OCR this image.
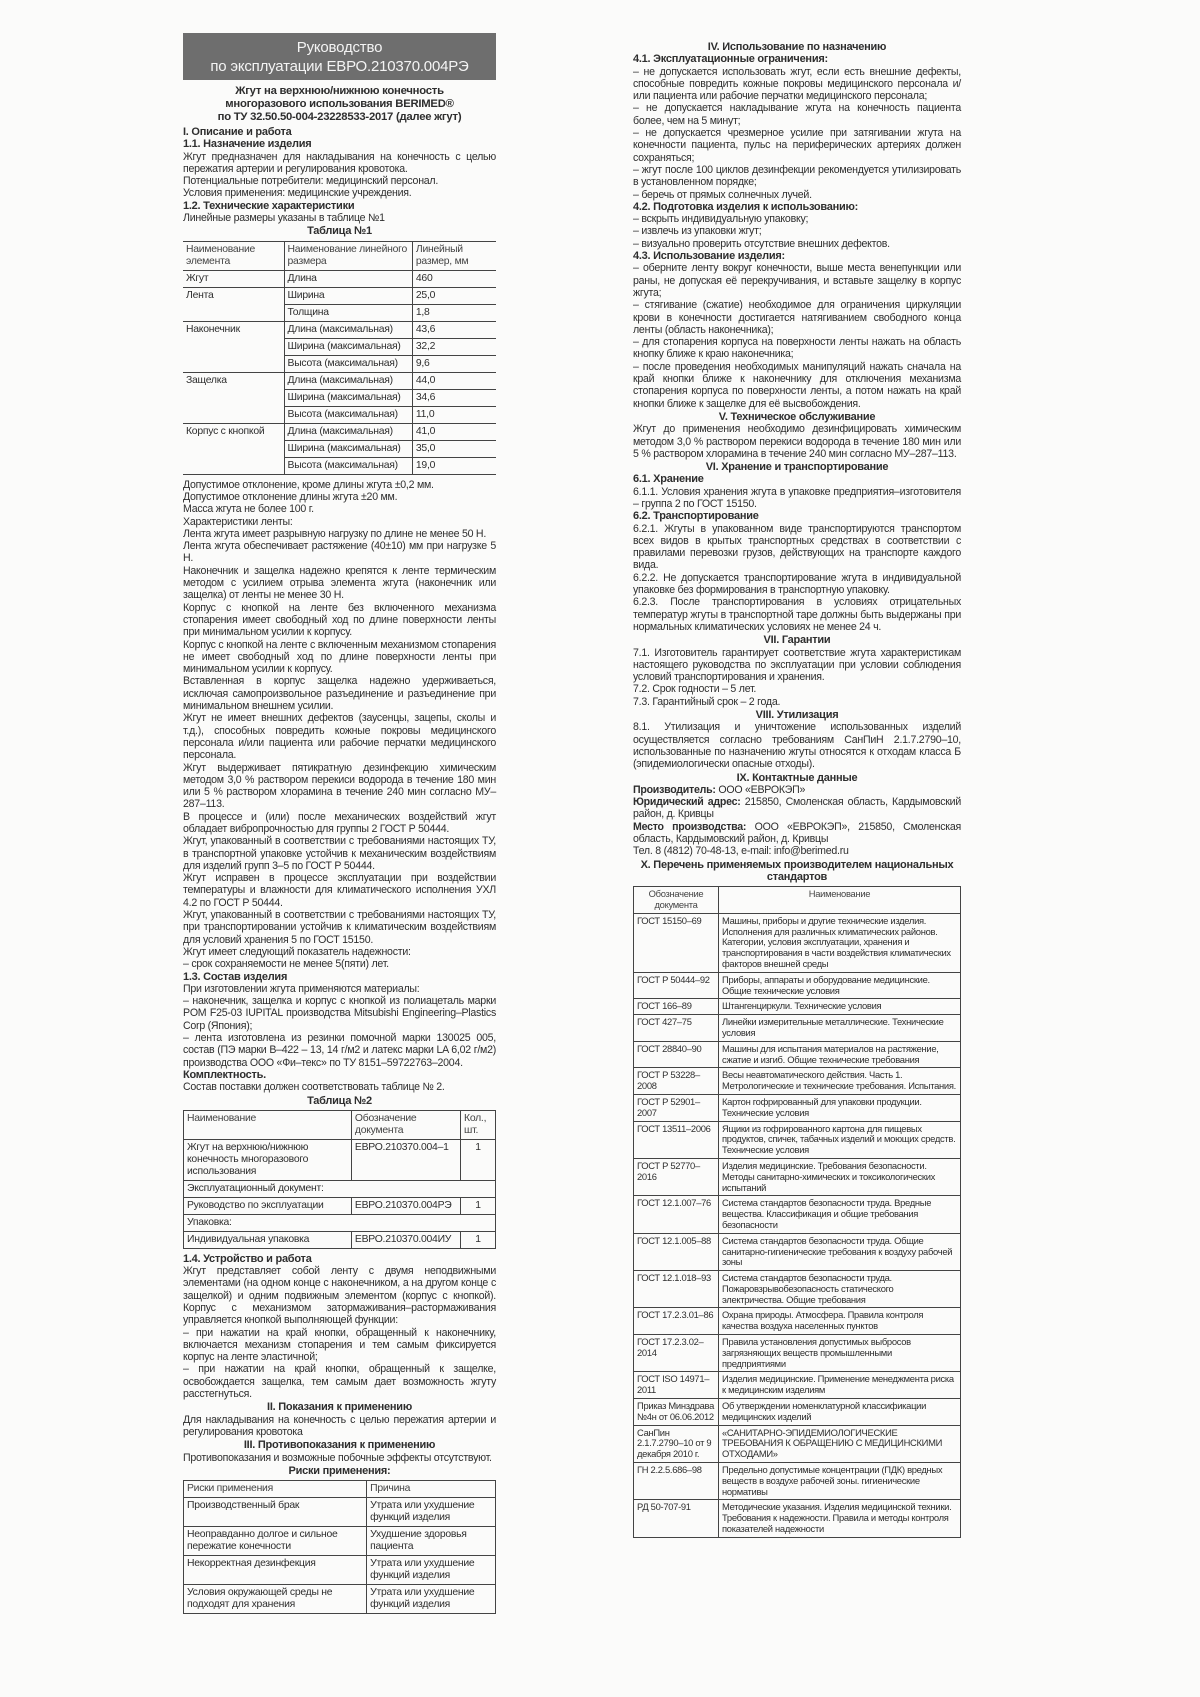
Руководство
по эксплуатации ЕВРО.210370.004РЭ
Жгут на верхнюю/нижнюю конечность
многоразового использования BERIMED®
по ТУ 32.50.50-004-23228533-2017 (далее жгут)
I. Описание и работа
1.1. Назначение изделия
Жгут предназначен для накладывания на конечность с целью пережатия артерии и регулирования кровотока.
Потенциальные потребители: медицинский персонал.
Условия применения: медицинские учреждения.
1.2. Технические характеристики
Линейные размеры указаны в таблице №1
Таблица №1
Наименование элемента	Наименование линейного размера	Линейный размер, мм
Жгут	Длина	460
Лента	Ширина	25,0
	Толщина	1,8
Наконечник	Длина (максимальная)	43,6
	Ширина (максимальная)	32,2
	Высота (максимальная)	9,6
Защелка	Длина (максимальная)	44,0
	Ширина (максимальная)	34,6
	Высота (максимальная)	11,0
Корпус с кнопкой	Длина (максимальная)	41,0
	Ширина (максимальная)	35,0
	Высота (максимальная)	19,0
Допустимое отклонение, кроме длины жгута ±0,2 мм.
Допустимое отклонение длины жгута ±20 мм.
Масса жгута не более 100 г.
Характеристики ленты:
Лента жгута имеет разрывную нагрузку по длине не менее 50 Н.
Лента жгута обеспечивает растяжение (40±10) мм при нагрузке 5 Н.
Наконечник и защелка надежно крепятся к ленте термическим методом с усилием отрыва элемента жгута (наконечник или защелка) от ленты не менее 30 Н.
Корпус с кнопкой на ленте без включенного механизма стопарения имеет свободный ход по длине поверхности ленты при минимальном усилии к корпусу.
Корпус с кнопкой на ленте с включенным механизмом стопарения не имеет свободный ход по длине поверхности ленты при минимальном усилии к корпусу.
Вставленная в корпус защелка надежно удерживаеться, исключая самопроизвольное разъединение и разъединение при минимальном внешнем усилии.
Жгут не имеет внешних дефектов (заусенцы, зацепы, сколы и т.д.), способных повредить кожные покровы медицинского персонала и/или пациента или рабочие перчатки медицинского персонала.
Жгут выдерживает пятикратную дезинфекцию химическим методом 3,0 % раствором перекиси водорода в течение 180 мин или 5 % раствором хлорамина в течение 240 мин согласно МУ–287–113.
В процессе и (или) после механических воздействий жгут обладает вибропрочностью для группы 2 ГОСТ Р 50444.
Жгут, упакованный в соответствии с требованиями настоящих ТУ, в транспортной упаковке устойчив к механическим воздействиям для изделий групп 3–5 по ГОСТ Р 50444.
Жгут исправен в процессе эксплуатации при воздействии температуры и влажности для климатического исполнения УХЛ 4.2 по ГОСТ Р 50444.
Жгут, упакованный в соответствии с требованиями настоящих ТУ, при транспортировании устойчив к климатическим воздействиям для условий хранения 5 по ГОСТ 15150.
Жгут имеет следующий показатель надежности:
– срок сохраняемости не менее 5(пяти) лет.
1.3. Состав изделия
При изготовлении жгута применяются материалы:
– наконечник, защелка и корпус с кнопкой из полиацеталь марки POM F25-03 IUPITAL производства Mitsubishi Engineering–Plastics Corp (Япония);
– лента изготовлена из резинки помочной марки 130025 005, состав (ПЭ марки В–422 – 13, 14 г/м2 и латекс марки LA 6,02 г/м2) производства ООО «Фи–текс» по ТУ 8151–59722763–2004.
Комплектность.
Состав поставки должен соответствовать таблице № 2.
Таблица №2
Наименование	Обозначение документа	Кол., шт.
Жгут на верхнюю/нижнюю конечность многоразового использования	ЕВРО.210370.004–1	1
Эксплуатационный документ:		
Руководство по эксплуатации	ЕВРО.210370.004РЭ	1
Упаковка:		
Индивидуальная упаковка	ЕВРО.210370.004ИУ	1
1.4. Устройство и работа
Жгут представляет собой ленту с двумя неподвижными элементами (на одном конце с наконечником, а на другом конце с защелкой) и одним подвижным элементом (корпус с кнопкой). Корпус с механизмом затормаживания–растормаживания управляется кнопкой выполняющей функции:
– при нажатии на край кнопки, обращенный к наконечнику, включается механизм стопарения и тем самым фиксируется корпус на ленте эластичной;
– при нажатии на край кнопки, обращенный к защелке, освобождается защелка, тем самым дает возможность жгуту расстегнуться.
II. Показания к применению
Для накладывания на конечность с целью пережатия артерии и регулирования кровотока
III. Противопоказания к применению
Противопоказания и возможные побочные эффекты отсутствуют.
Риски применения:
Риски применения	Причина
Производственный брак	Утрата или ухудшение функций изделия
Неоправданно долгое и сильное пережатие конечности	Ухудшение здоровья пациента
Некорректная дезинфекция	Утрата или ухудшение функций изделия
Условия окружающей среды не подходят для хранения	Утрата или ухудшение функций изделия
IV. Использование по назначению
4.1. Эксплуатационные ограничения:
– не допускается использовать жгут, если есть внешние дефекты, способные повредить кожные покровы медицинского персонала и/или пациента или рабочие перчатки медицинского персонала;
– не допускается накладывание жгута на конечность пациента более, чем на 5 минут;
– не допускается чрезмерное усилие при затягивании жгута на конечности пациента, пульс на периферических артериях должен сохраняться;
– жгут после 100 циклов дезинфекции рекомендуется утилизировать в установленном порядке;
– беречь от прямых солнечных лучей.
4.2. Подготовка изделия к использованию:
– вскрыть индивидуальную упаковку;
– извлечь из упаковки жгут;
– визуально проверить отсутствие внешних дефектов.
4.3. Использование изделия:
– оберните ленту вокруг конечности, выше места венепункции или раны, не допуская её перекручивания, и вставьте защелку в корпус жгута;
– стягивание (сжатие) необходимое для ограничения циркуляции крови в конечности достигается натягиванием свободного конца ленты (область наконечника);
– для стопарения корпуса на поверхности ленты нажать на область кнопку ближе к краю наконечника;
– после проведения необходимых манипуляций нажать сначала на край кнопки ближе к наконечнику для отключения механизма стопарения корпуса по поверхности ленты, а потом нажать на край кнопки ближе к защелке для её высвобождения.
V. Техническое обслуживание
Жгут до применения необходимо дезинфицировать химическим методом 3,0 % раствором перекиси водорода в течение 180 мин или 5 % раствором хлорамина в течение 240 мин согласно МУ–287–113.
VI. Хранение и транспортирование
6.1. Хранение
6.1.1. Условия хранения жгута в упаковке предприятия–изготовителя – группа 2 по ГОСТ 15150.
6.2. Транспортирование
6.2.1. Жгуты в упакованном виде транспортируются транспортом всех видов в крытых транспортных средствах в соответствии с правилами перевозки грузов, действующих на транспорте каждого вида.
6.2.2. Не допускается транспортирование жгута в индивидуальной упаковке без формирования в транспортную упаковку.
6.2.3. После транспортирования в условиях отрицательных температур жгуты в транспортной таре должны быть выдержаны при нормальных климатических условиях не менее 24 ч.
VII. Гарантии
7.1. Изготовитель гарантирует соответствие жгута характеристикам настоящего руководства по эксплуатации при условии соблюдения условий транспортирования и хранения.
7.2. Срок годности – 5 лет.
7.3. Гарантийный срок – 2 года.
VIII. Утилизация
8.1. Утилизация и уничтожение использованных изделий осуществляется согласно требованиям СанПиН 2.1.7.2790–10, использованные по назначению жгуты относятся к отходам класса Б (эпидемиологически опасные отходы).
IX. Контактные данные
Производитель: ООО «ЕВРОКЭП»
Юридический адрес: 215850, Смоленская область, Кардымовский район, д. Кривцы
Место производства: ООО «ЕВРОКЭП», 215850, Смоленская область, Кардымовский район, д. Кривцы
Тел. 8 (4812) 70-48-13, e-mail: info@berimed.ru
X. Перечень применяемых производителем национальных стандартов
Обозначение документа	Наименование
ГОСТ 15150–69	Машины, приборы и другие технические изделия. Исполнения для различных климатических районов. Категории, условия эксплуатации, хранения и транспортирования в части воздействия климатических факторов внешней среды
ГОСТ Р 50444–92	Приборы, аппараты и оборудование медицинские. Общие технические условия
ГОСТ 166–89	Штангенциркули. Технические условия
ГОСТ 427–75	Линейки измерительные металлические. Технические условия
ГОСТ 28840–90	Машины для испытания материалов на растяжение, сжатие и изгиб. Общие технические требования
ГОСТ Р 53228–2008	Весы неавтоматического действия. Часть 1. Метрологические и технические требования. Испытания.
ГОСТ Р 52901–2007	Картон гофрированный для упаковки продукции. Технические условия
ГОСТ 13511–2006	Ящики из гофрированного картона для пищевых продуктов, спичек, табачных изделий и моющих средств. Технические условия
ГОСТ Р 52770–2016	Изделия медицинские. Требования безопасности. Методы санитарно-химических и токсикологических испытаний
ГОСТ 12.1.007–76	Система стандартов безопасности труда. Вредные вещества. Классификация и общие требования безопасности
ГОСТ 12.1.005–88	Система стандартов безопасности труда. Общие санитарно-гигиенические требования к воздуху рабочей зоны
ГОСТ 12.1.018–93	Система стандартов безопасности труда. Пожаровзрывобезопасность статического электричества. Общие требования
ГОСТ 17.2.3.01–86	Охрана природы. Атмосфера. Правила контроля качества воздуха населенных пунктов
ГОСТ 17.2.3.02–2014	Правила установления допустимых выбросов загрязняющих веществ промышленными предприятиями
ГОСТ ISO 14971–2011	Изделия медицинские. Применение менеджмента риска к медицинским изделиям
Приказ Минздрава №4н от 06.06.2012	Об утверждении номенклатурной классификации медицинских изделий
СанПин 2.1.7.2790–10 от 9 декабря 2010 г.	«САНИТАРНО-ЭПИДЕМИОЛОГИЧЕСКИЕ ТРЕБОВАНИЯ К ОБРАЩЕНИЮ С МЕДИЦИНСКИМИ ОТХОДАМИ»
ГН 2.2.5.686–98	Предельно допустимые концентрации (ПДК) вредных веществ в воздухе рабочей зоны. гигиенические нормативы
РД 50-707-91	Методические указания. Изделия медицинской техники. Требования к надежности. Правила и методы контроля показателей надежности
